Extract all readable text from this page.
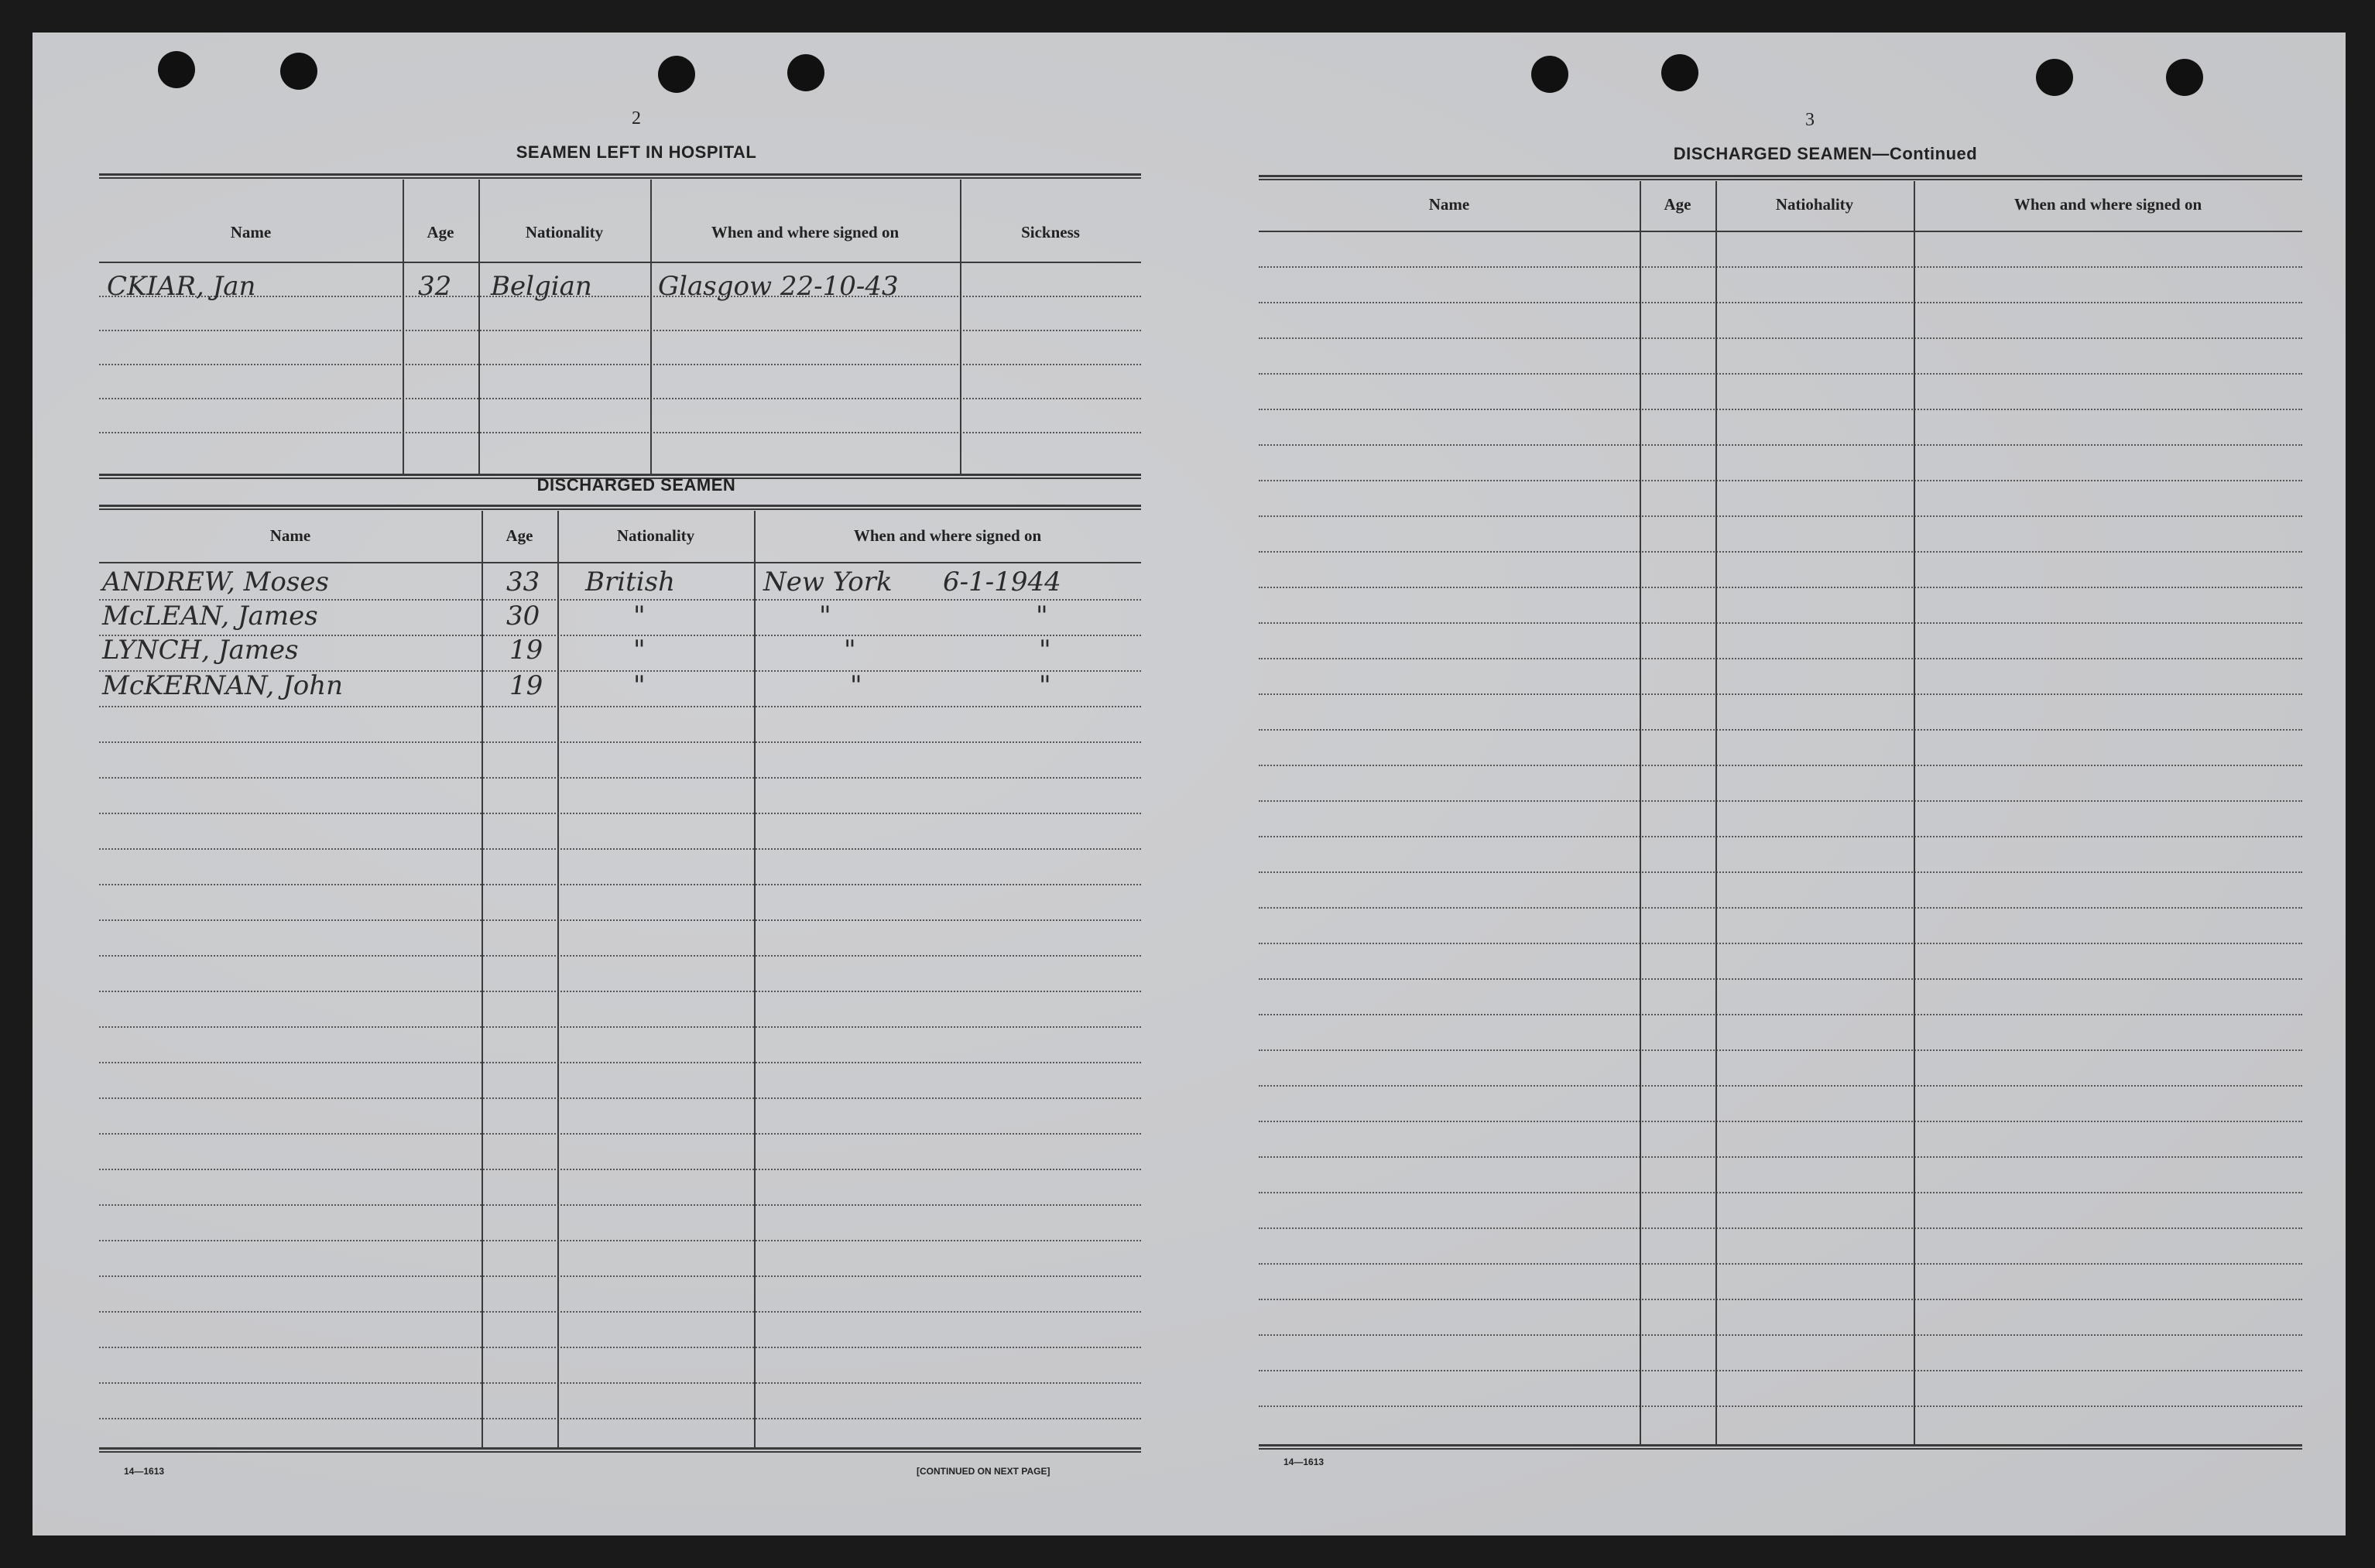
2
SEAMEN LEFT IN HOSPITAL
Name	Age	Nationality	When and where signed on	Sickness
CKIAR, Jan	32 Belgian	Glasgow 22-10-43
DISCHARGED SEAMEN
Name	Age	Nationality	When and where signed on
ANDREW, Moses	33 British	New York 6-1-1944
McLEAN, James	30	"	"	"
LYNCH, James	19	"	"	"
McKERNAN, John	19	"	"	"
14—1613	[CONTINUED ON NEXT PAGE]
3
DISCHARGED SEAMEN—Continued
Name	Age	Natiohality	When and where signed on
14—1613
